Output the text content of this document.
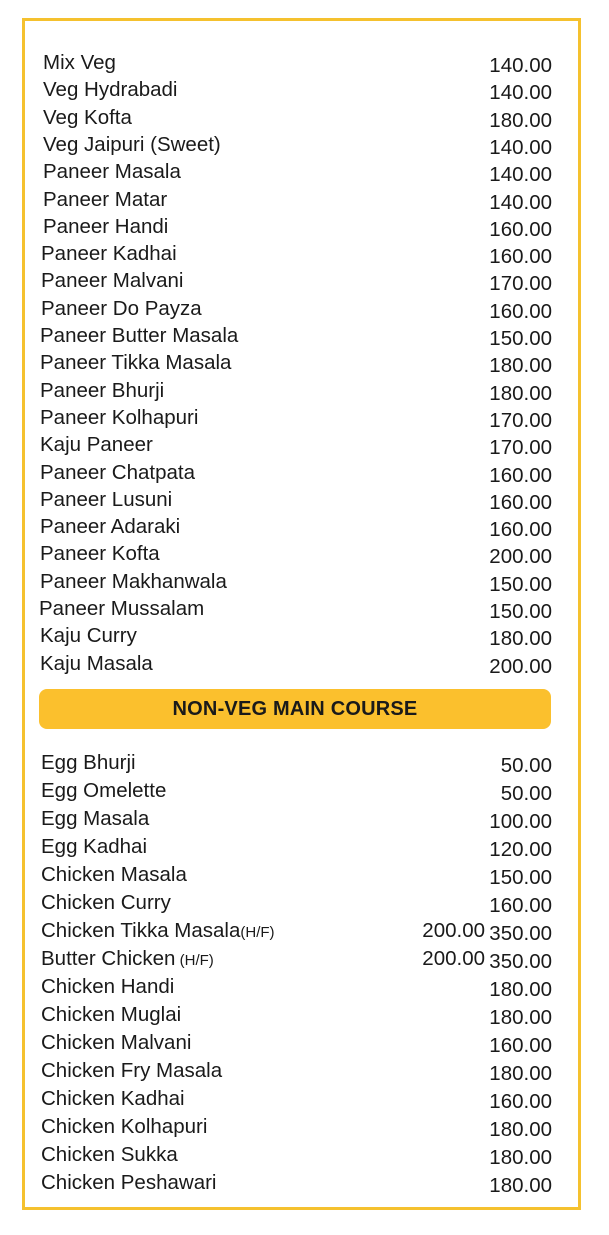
Mix Veg	140.00
Veg Hydrabadi	140.00
Veg Kofta	180.00
Veg Jaipuri (Sweet)	140.00
Paneer Masala	140.00
Paneer Matar	140.00
Paneer Handi	160.00
Paneer Kadhai	160.00
Paneer Malvani	170.00
Paneer Do Payza	160.00
Paneer Butter Masala	150.00
Paneer Tikka Masala	180.00
Paneer Bhurji	180.00
Paneer Kolhapuri	170.00
Kaju Paneer	170.00
Paneer Chatpata	160.00
Paneer Lusuni	160.00
Paneer Adaraki	160.00
Paneer Kofta	200.00
Paneer Makhanwala	150.00
Paneer Mussalam	150.00
Kaju Curry	180.00
Kaju Masala	200.00
NON-VEG MAIN COURSE
Egg Bhurji	50.00
Egg Omelette	50.00
Egg Masala	100.00
Egg Kadhai	120.00
Chicken Masala	150.00
Chicken Curry	160.00
Chicken Tikka Masala(H/F)	200.00 350.00
Butter Chicken (H/F)	200.00 350.00
Chicken Handi	180.00
Chicken Muglai	180.00
Chicken Malvani	160.00
Chicken Fry Masala	180.00
Chicken Kadhai	160.00
Chicken Kolhapuri	180.00
Chicken Sukka	180.00
Chicken Peshawari	180.00
